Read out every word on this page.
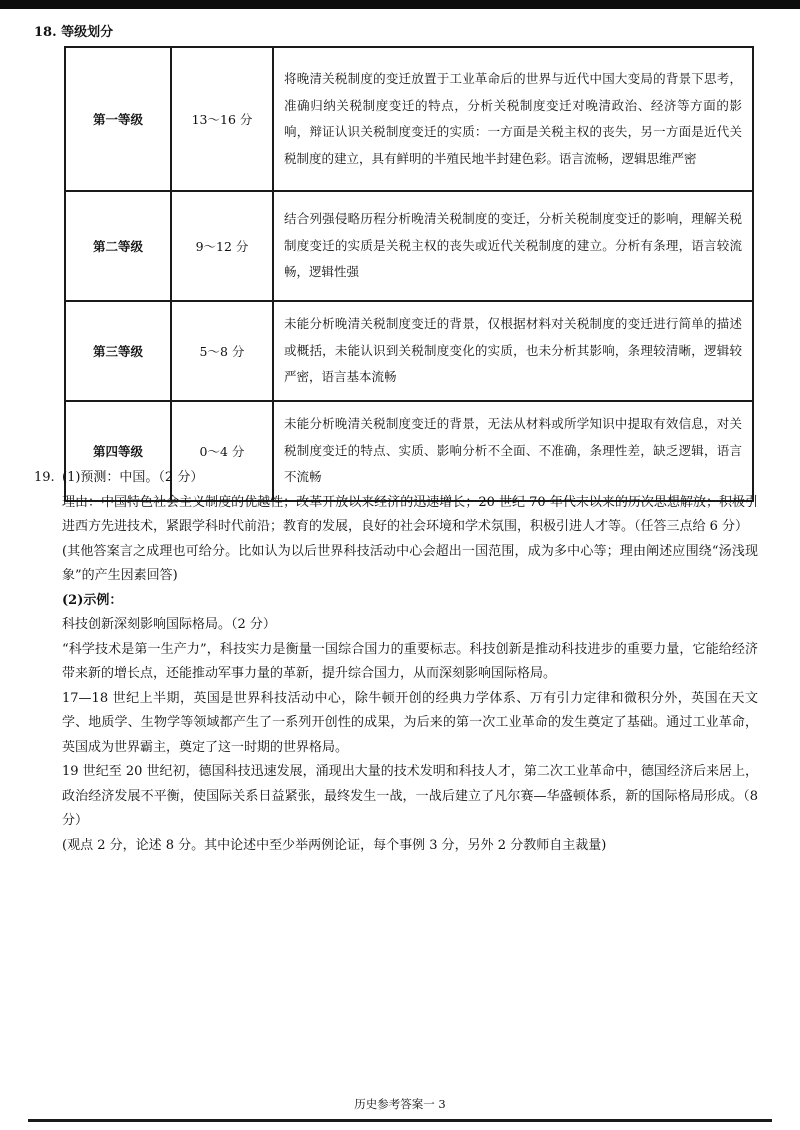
18. 等级划分
第一等级	13～16 分	将晚清关税制度的变迁放置于工业革命后的世界与近代中国大变局的背景下思考，准确归纳关税制度变迁的特点，分析关税制度变迁对晚清政治、经济等方面的影响，辩证认识关税制度变迁的实质：一方面是关税主权的丧失，另一方面是近代关税制度的建立，具有鲜明的半殖民地半封建色彩。语言流畅，逻辑思维严密
第二等级	9～12 分	结合列强侵略历程分析晚清关税制度的变迁，分析关税制度变迁的影响，理解关税制度变迁的实质是关税主权的丧失或近代关税制度的建立。分析有条理，语言较流畅，逻辑性强
第三等级	5～8 分	未能分析晚清关税制度变迁的背景，仅根据材料对关税制度的变迁进行简单的描述或概括，未能认识到关税制度变化的实质，也未分析其影响，条理较清晰，逻辑较严密，语言基本流畅
第四等级	0～4 分	未能分析晚清关税制度变迁的背景，无法从材料或所学知识中提取有效信息，对关税制度变迁的特点、实质、影响分析不全面、不准确，条理性差，缺乏逻辑，语言不流畅
19. (1)预测：中国。（2 分）

理由：中国特色社会主义制度的优越性；改革开放以来经济的迅速增长；20 世纪 70 年代末以来的历次思想解放；积极引进西方先进技术，紧跟学科时代前沿；教育的发展，良好的社会环境和学术氛围，积极引进人才等。（任答三点给 6 分）

(其他答案言之成理也可给分。比如认为以后世界科技活动中心会超出一国范围，成为多中心等；理由阐述应围绕“汤浅现象”的产生因素回答)

(2)示例：

科技创新深刻影响国际格局。（2 分）

“科学技术是第一生产力”，科技实力是衡量一国综合国力的重要标志。科技创新是推动科技进步的重要力量，它能给经济带来新的增长点，还能推动军事力量的革新，提升综合国力，从而深刻影响国际格局。

17—18 世纪上半期，英国是世界科技活动中心，除牛顿开创的经典力学体系、万有引力定律和微积分外，英国在天文学、地质学、生物学等领域都产生了一系列开创性的成果，为后来的第一次工业革命的发生奠定了基础。通过工业革命，英国成为世界霸主，奠定了这一时期的世界格局。

19 世纪至 20 世纪初，德国科技迅速发展，涌现出大量的技术发明和科技人才，第二次工业革命中，德国经济后来居上，政治经济发展不平衡，使国际关系日益紧张，最终发生一战，一战后建立了凡尔赛—华盛顿体系，新的国际格局形成。（8 分）

(观点 2 分，论述 8 分。其中论述中至少举两例论证，每个事例 3 分，另外 2 分教师自主裁量)

历史参考答案一 3
